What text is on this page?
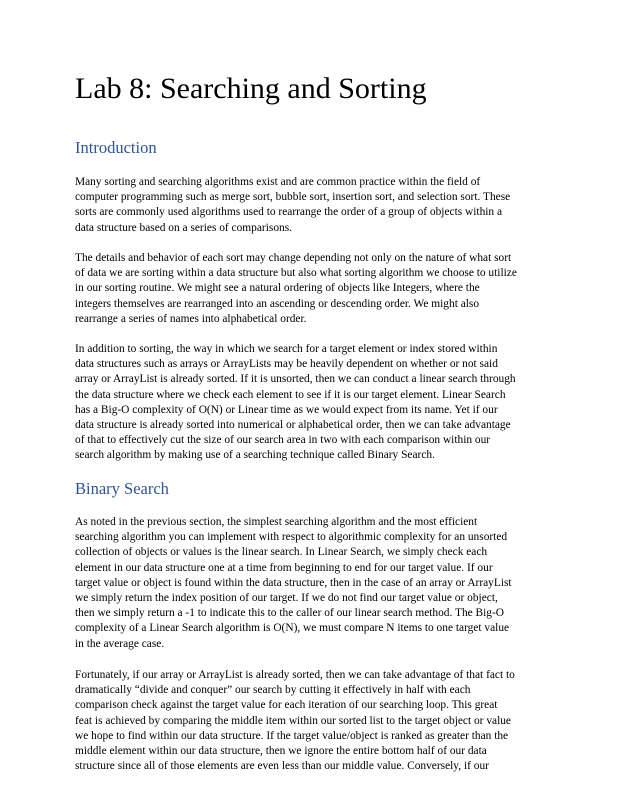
Lab 8: Searching and Sorting
Introduction
Many sorting and searching algorithms exist and are common practice within the field of
computer programming such as merge sort, bubble sort, insertion sort, and selection sort. These
sorts are commonly used algorithms used to rearrange the order of a group of objects within a
data structure based on a series of comparisons.
The details and behavior of each sort may change depending not only on the nature of what sort
of data we are sorting within a data structure but also what sorting algorithm we choose to utilize
in our sorting routine. We might see a natural ordering of objects like Integers, where the
integers themselves are rearranged into an ascending or descending order. We might also
rearrange a series of names into alphabetical order.
In addition to sorting, the way in which we search for a target element or index stored within
data structures such as arrays or ArrayLists may be heavily dependent on whether or not said
array or ArrayList is already sorted. If it is unsorted, then we can conduct a linear search through
the data structure where we check each element to see if it is our target element. Linear Search
has a Big-O complexity of O(N) or Linear time as we would expect from its name. Yet if our
data structure is already sorted into numerical or alphabetical order, then we can take advantage
of that to effectively cut the size of our search area in two with each comparison within our
search algorithm by making use of a searching technique called Binary Search.
Binary Search
As noted in the previous section, the simplest searching algorithm and the most efficient
searching algorithm you can implement with respect to algorithmic complexity for an unsorted
collection of objects or values is the linear search. In Linear Search, we simply check each
element in our data structure one at a time from beginning to end for our target value. If our
target value or object is found within the data structure, then in the case of an array or ArrayList
we simply return the index position of our target. If we do not find our target value or object,
then we simply return a -1 to indicate this to the caller of our linear search method. The Big-O
complexity of a Linear Search algorithm is O(N), we must compare N items to one target value
in the average case.
Fortunately, if our array or ArrayList is already sorted, then we can take advantage of that fact to
dramatically “divide and conquer” our search by cutting it effectively in half with each
comparison check against the target value for each iteration of our searching loop. This great
feat is achieved by comparing the middle item within our sorted list to the target object or value
we hope to find within our data structure. If the target value/object is ranked as greater than the
middle element within our data structure, then we ignore the entire bottom half of our data
structure since all of those elements are even less than our middle value. Conversely, if our
